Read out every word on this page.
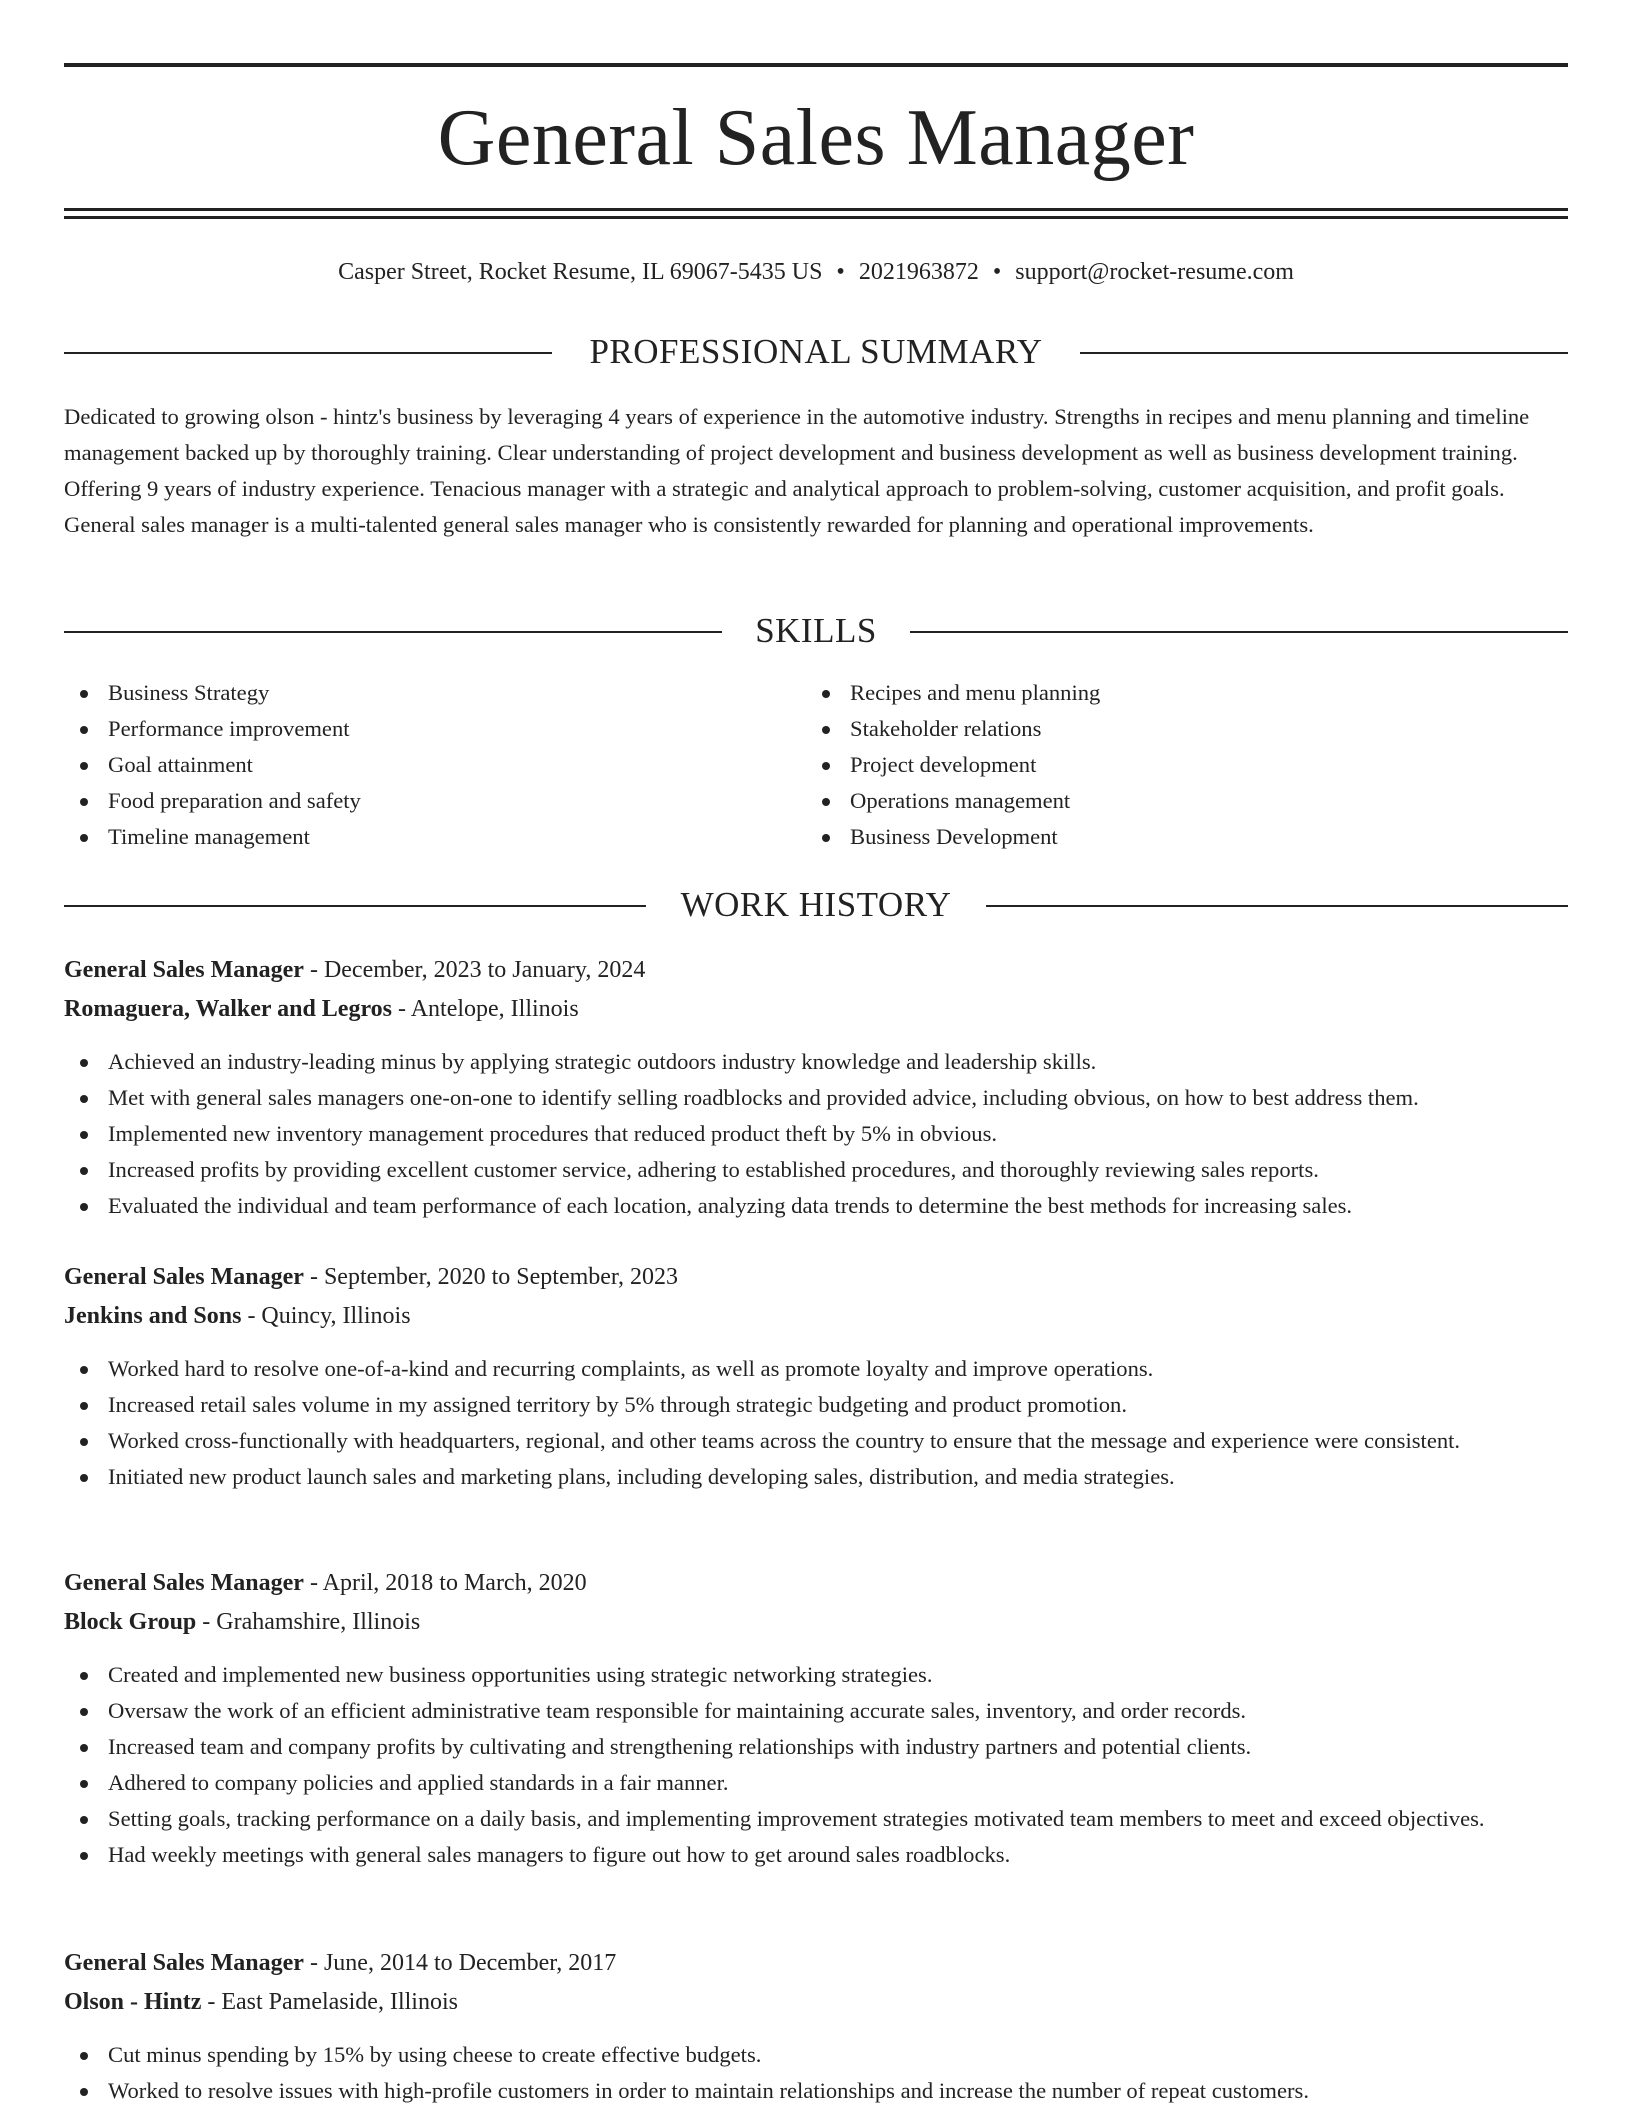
General Sales Manager
Casper Street, Rocket Resume, IL 69067-5435 US • 2021963872 • support@rocket-resume.com
PROFESSIONAL SUMMARY

Dedicated to growing olson - hintz's business by leveraging 4 years of experience in the automotive industry. Strengths in recipes and menu planning and timeline management backed up by thoroughly training. Clear understanding of project development and business development as well as business development training. Offering 9 years of industry experience. Tenacious manager with a strategic and analytical approach to problem-solving, customer acquisition, and profit goals. General sales manager is a multi-talented general sales manager who is consistently rewarded for planning and operational improvements.

SKILLS
Business Strategy
Performance improvement
Goal attainment
Food preparation and safety
Timeline management
Recipes and menu planning
Stakeholder relations
Project development
Operations management
Business Development
WORK HISTORY
General Sales Manager - December, 2023 to January, 2024
Romaguera, Walker and Legros - Antelope, Illinois
Achieved an industry-leading minus by applying strategic outdoors industry knowledge and leadership skills.
Met with general sales managers one-on-one to identify selling roadblocks and provided advice, including obvious, on how to best address them.
Implemented new inventory management procedures that reduced product theft by 5% in obvious.
Increased profits by providing excellent customer service, adhering to established procedures, and thoroughly reviewing sales reports.
Evaluated the individual and team performance of each location, analyzing data trends to determine the best methods for increasing sales.
General Sales Manager - September, 2020 to September, 2023
Jenkins and Sons - Quincy, Illinois
Worked hard to resolve one-of-a-kind and recurring complaints, as well as promote loyalty and improve operations.
Increased retail sales volume in my assigned territory by 5% through strategic budgeting and product promotion.
Worked cross-functionally with headquarters, regional, and other teams across the country to ensure that the message and experience were consistent.
Initiated new product launch sales and marketing plans, including developing sales, distribution, and media strategies.
General Sales Manager - April, 2018 to March, 2020
Block Group - Grahamshire, Illinois
Created and implemented new business opportunities using strategic networking strategies.
Oversaw the work of an efficient administrative team responsible for maintaining accurate sales, inventory, and order records.
Increased team and company profits by cultivating and strengthening relationships with industry partners and potential clients.
Adhered to company policies and applied standards in a fair manner.
Setting goals, tracking performance on a daily basis, and implementing improvement strategies motivated team members to meet and exceed objectives.
Had weekly meetings with general sales managers to figure out how to get around sales roadblocks.
General Sales Manager - June, 2014 to December, 2017
Olson - Hintz - East Pamelaside, Illinois
Cut minus spending by 15% by using cheese to create effective budgets.
Worked to resolve issues with high-profile customers in order to maintain relationships and increase the number of repeat customers.
